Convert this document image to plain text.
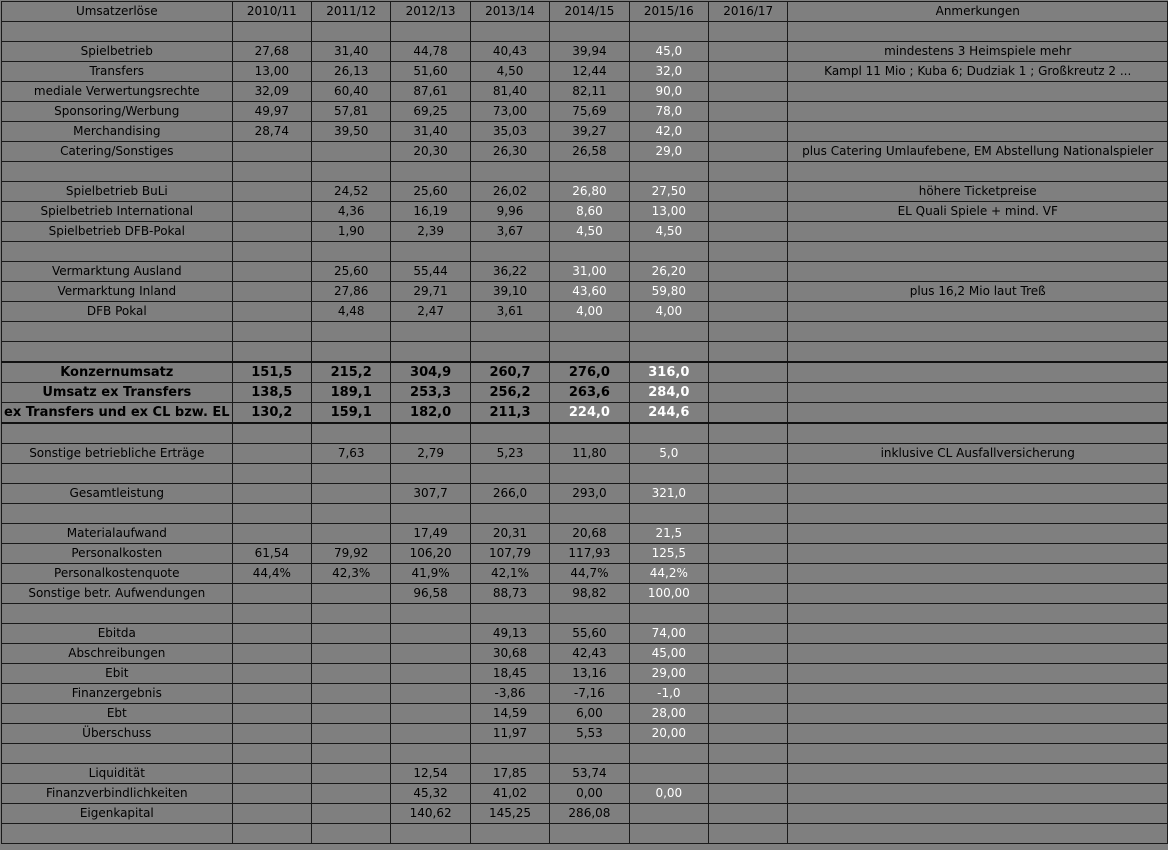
Umsatzerlöse	2010/11	2011/12	2012/13	2013/14	2014/15	2015/16	2016/17	Anmerkungen

Spielbetrieb	27,68	31,40	44,78	40,43	39,94	45,0		mindestens 3 Heimspiele mehr
Transfers	13,00	26,13	51,60	4,50	12,44	32,0		Kampl 11 Mio ; Kuba 6; Dudziak 1 ; Großkreutz 2 ...
mediale Verwertungsrechte	32,09	60,40	87,61	81,40	82,11	90,0		
Sponsoring/Werbung	49,97	57,81	69,25	73,00	75,69	78,0		
Merchandising	28,74	39,50	31,40	35,03	39,27	42,0		
Catering/Sonstiges			20,30	26,30	26,58	29,0		plus Catering Umlaufebene, EM Abstellung Nationalspieler

Spielbetrieb BuLi		24,52	25,60	26,02	26,80	27,50		höhere Ticketpreise
Spielbetrieb International		4,36	16,19	9,96	8,60	13,00		EL Quali Spiele + mind. VF
Spielbetrieb DFB-Pokal		1,90	2,39	3,67	4,50	4,50		

Vermarktung Ausland		25,60	55,44	36,22	31,00	26,20		
Vermarktung Inland		27,86	29,71	39,10	43,60	59,80		plus 16,2 Mio laut Treß
DFB Pokal		4,48	2,47	3,61	4,00	4,00		

Konzernumsatz	151,5	215,2	304,9	260,7	276,0	316,0		
Umsatz ex Transfers	138,5	189,1	253,3	256,2	263,6	284,0		
ex Transfers und ex CL bzw. EL	130,2	159,1	182,0	211,3	224,0	244,6		

Sonstige betriebliche Erträge		7,63	2,79	5,23	11,80	5,0		inklusive CL Ausfallversicherung

Gesamtleistung			307,7	266,0	293,0	321,0		

Materialaufwand			17,49	20,31	20,68	21,5		
Personalkosten	61,54	79,92	106,20	107,79	117,93	125,5		
Personalkostenquote	44,4%	42,3%	41,9%	42,1%	44,7%	44,2%		
Sonstige betr. Aufwendungen			96,58	88,73	98,82	100,00		

Ebitda				49,13	55,60	74,00		
Abschreibungen				30,68	42,43	45,00		
Ebit				18,45	13,16	29,00		
Finanzergebnis				-3,86	-7,16	-1,0		
Ebt				14,59	6,00	28,00		
Überschuss				11,97	5,53	20,00		

Liquidität			12,54	17,85	53,74			
Finanzverbindlichkeiten			45,32	41,02	0,00	0,00		
Eigenkapital			140,62	145,25	286,08			
